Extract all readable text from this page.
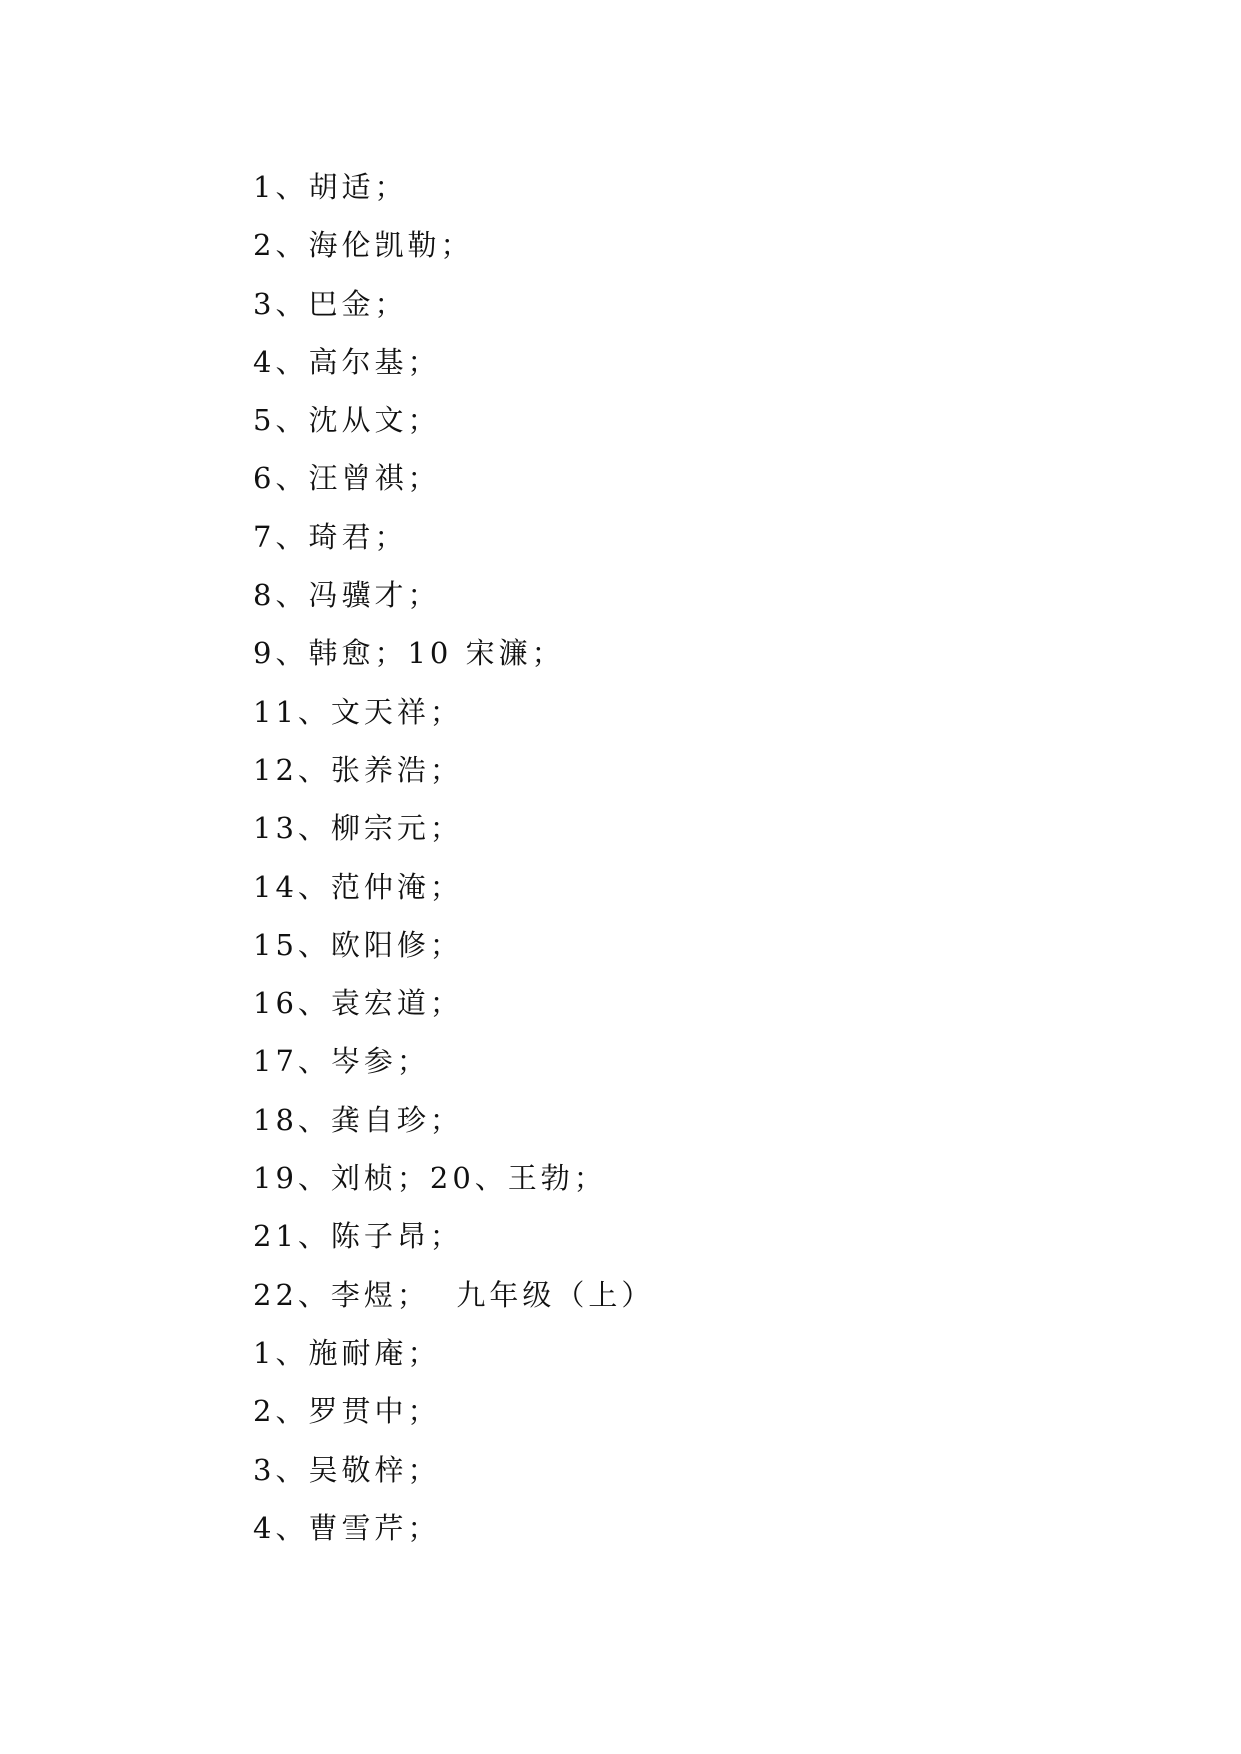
1、胡适；
2、海伦凯勒；
3、巴金；
4、高尔基；
5、沈从文；
6、汪曾祺；
7、琦君；
8、冯骥才；
9、韩愈；10 宋濂；
11、文天祥；
12、张养浩；
13、柳宗元；
14、范仲淹；
15、欧阳修；
16、袁宏道；
17、岑参；
18、龚自珍；
19、刘桢；20、王勃；
21、陈子昂；
22、李煜；  九年级（上）
1、施耐庵；
2、罗贯中；
3、吴敬梓；
4、曹雪芹；
